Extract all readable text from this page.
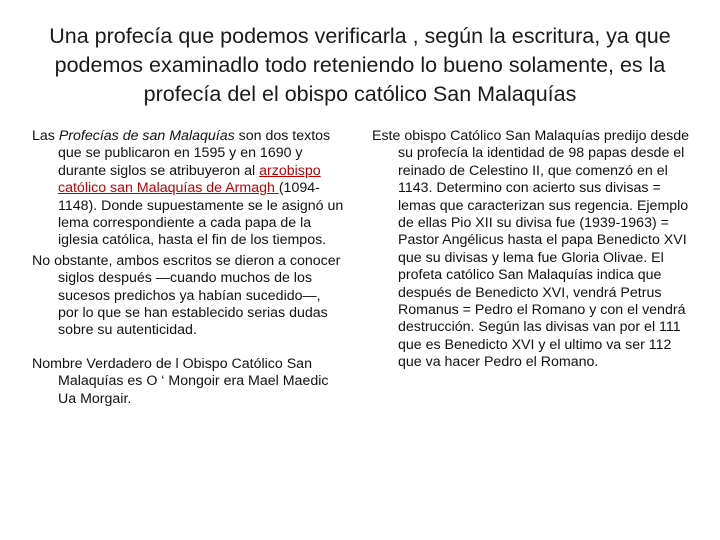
Una profecía que podemos verificarla , según la escritura, ya que podemos examinadlo todo reteniendo lo bueno solamente, es la profecía del el obispo católico San Malaquías

Las Profecías de san Malaquías son dos textos que se publicaron en 1595 y en 1690 y durante siglos se atribuyeron al arzobispo católico san Malaquías de Armagh (1094-1148). Donde supuestamente se le asignó un lema correspondiente a cada papa de la iglesia católica, hasta el fin de los tiempos.

No obstante, ambos escritos se dieron a conocer siglos después —cuando muchos de los sucesos predichos ya habían sucedido—, por lo que se han establecido serias dudas sobre su autenticidad.

Nombre Verdadero de l Obispo Católico San Malaquías es O ‘ Mongoir era Mael Maedic Ua Morgair.

Este obispo Católico San Malaquías predijo desde su profecía la identidad de 98 papas desde el reinado de Celestino II, que comenzó en el 1143. Determino con acierto sus divisas = lemas que caracterizan sus regencia. Ejemplo de ellas Pio XII su divisa fue (1939-1963) = Pastor Angélicus hasta el papa Benedicto XVI que su divisas y lema fue Gloria Olivae. El profeta católico San Malaquías indica que después de Benedicto XVI, vendrá Petrus Romanus = Pedro el Romano y con el vendrá destrucción. Según las divisas van por el 111 que es Benedicto XVI y el ultimo va ser 112 que va hacer Pedro el Romano.
